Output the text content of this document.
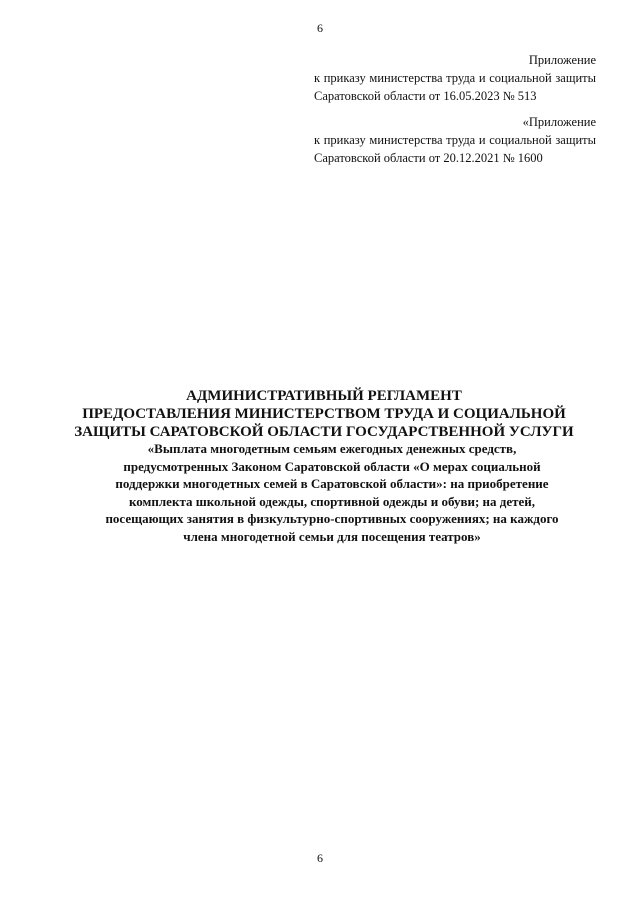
6
Приложение
к приказу министерства труда и социальной защиты Саратовской области от 16.05.2023 № 513
«Приложение
к приказу министерства труда и социальной защиты Саратовской области от 20.12.2021 № 1600
АДМИНИСТРАТИВНЫЙ РЕГЛАМЕНТ
ПРЕДОСТАВЛЕНИЯ МИНИСТЕРСТВОМ ТРУДА И СОЦИАЛЬНОЙ
ЗАЩИТЫ САРАТОВСКОЙ ОБЛАСТИ ГОСУДАРСТВЕННОЙ УСЛУГИ
«Выплата многодетным семьям ежегодных денежных средств,
предусмотренных Законом Саратовской области «О мерах социальной
поддержки многодетных семей в Саратовской области»: на приобретение
комплекта школьной одежды, спортивной одежды и обуви; на детей,
посещающих занятия в физкультурно-спортивных сооружениях; на каждого
члена многодетной семьи для посещения театров»
6
